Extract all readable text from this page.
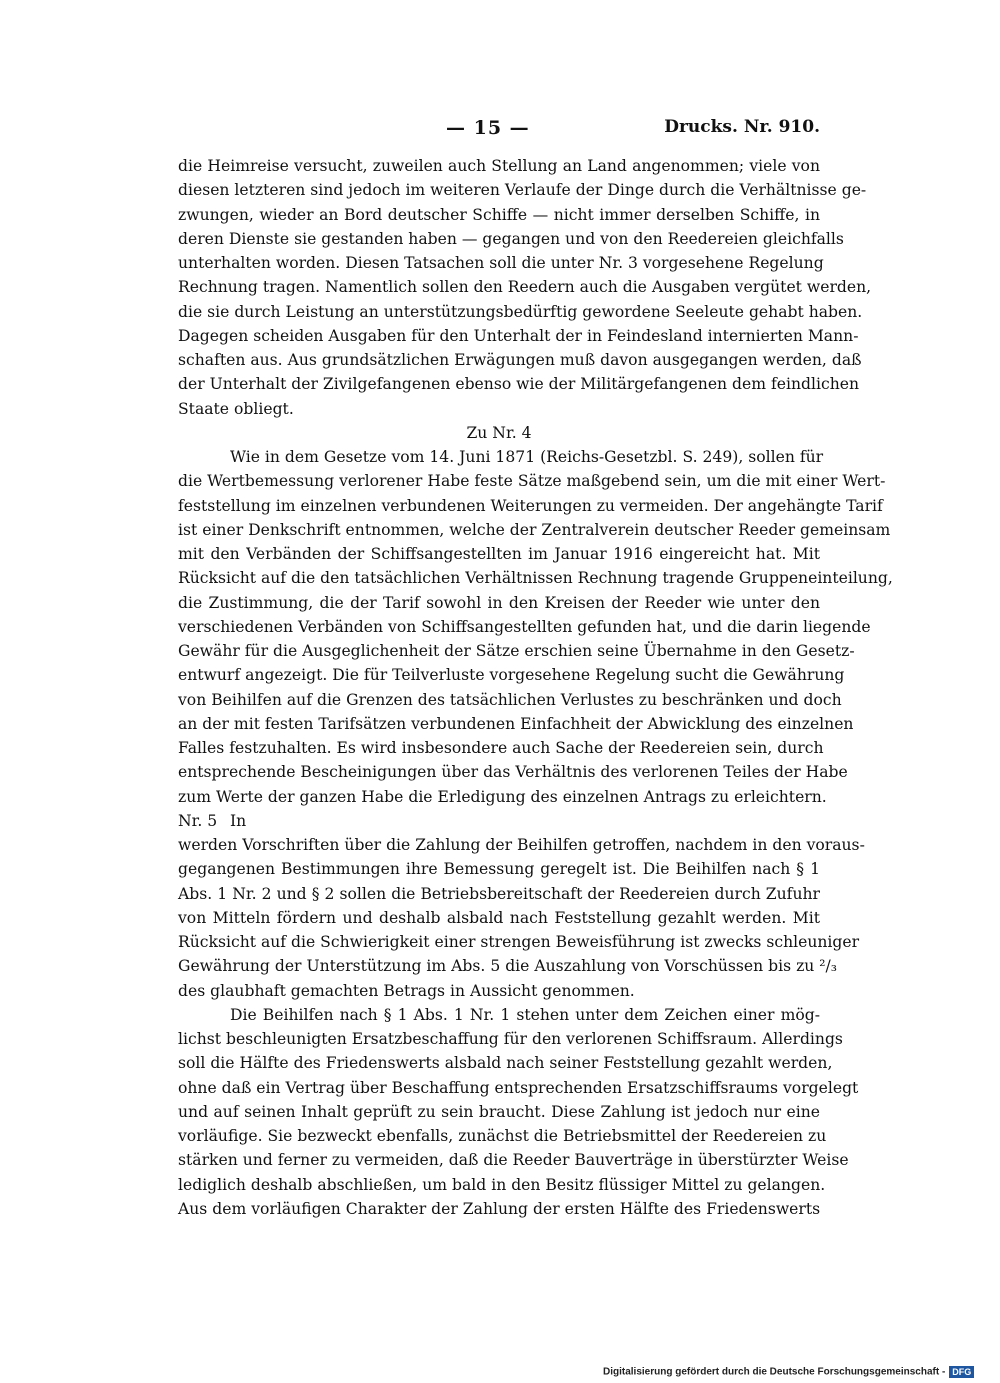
— 15 —	Drucks. Nr. 910.
die Heimreise versucht, zuweilen auch Stellung an Land angenommen; viele von
diesen letzteren sind jedoch im weiteren Verlaufe der Dinge durch die Verhältnisse ge-
zwungen, wieder an Bord deutscher Schiffe — nicht immer derselben Schiffe, in
deren Dienste sie gestanden haben — gegangen und von den Reedereien gleichfalls
unterhalten worden. Diesen Tatsachen soll die unter Nr. 3 vorgesehene Regelung
Rechnung tragen. Namentlich sollen den Reedern auch die Ausgaben vergütet werden,
die sie durch Leistung an unterstützungsbedürftig gewordene Seeleute gehabt haben.
Dagegen scheiden Ausgaben für den Unterhalt der in Feindesland internierten Mann-
schaften aus. Aus grundsätzlichen Erwägungen muß davon ausgegangen werden, daß
der Unterhalt der Zivilgefangenen ebenso wie der Militärgefangenen dem feindlichen
Staate obliegt.
Zu Nr. 4
Wie in dem Gesetze vom 14. Juni 1871 (Reichs-Gesetzbl. S. 249), sollen für
die Wertbemessung verlorener Habe feste Sätze maßgebend sein, um die mit einer Wert-
feststellung im einzelnen verbundenen Weiterungen zu vermeiden. Der angehängte Tarif
ist einer Denkschrift entnommen, welche der Zentralverein deutscher Reeder gemeinsam
mit den Verbänden der Schiffsangestellten im Januar 1916 eingereicht hat. Mit
Rücksicht auf die den tatsächlichen Verhältnissen Rechnung tragende Gruppeneinteilung,
die Zustimmung, die der Tarif sowohl in den Kreisen der Reeder wie unter den
verschiedenen Verbänden von Schiffsangestellten gefunden hat, und die darin liegende
Gewähr für die Ausgeglichenheit der Sätze erschien seine Übernahme in den Gesetz-
entwurf angezeigt. Die für Teilverluste vorgesehene Regelung sucht die Gewährung
von Beihilfen auf die Grenzen des tatsächlichen Verlustes zu beschränken und doch
an der mit festen Tarifsätzen verbundenen Einfachheit der Abwicklung des einzelnen
Falles festzuhalten. Es wird insbesondere auch Sache der Reedereien sein, durch
entsprechende Bescheinigungen über das Verhältnis des verlorenen Teiles der Habe
zum Werte der ganzen Habe die Erledigung des einzelnen Antrags zu erleichtern.
In
Nr. 5
werden Vorschriften über die Zahlung der Beihilfen getroffen, nachdem in den voraus-
gegangenen Bestimmungen ihre Bemessung geregelt ist. Die Beihilfen nach § 1
Abs. 1 Nr. 2 und § 2 sollen die Betriebsbereitschaft der Reedereien durch Zufuhr
von Mitteln fördern und deshalb alsbald nach Feststellung gezahlt werden. Mit
Rücksicht auf die Schwierigkeit einer strengen Beweisführung ist zwecks schleuniger
Gewährung der Unterstützung im Abs. 5 die Auszahlung von Vorschüssen bis zu ²/₃
des glaubhaft gemachten Betrags in Aussicht genommen.
Die Beihilfen nach § 1 Abs. 1 Nr. 1 stehen unter dem Zeichen einer mög-
lichst beschleunigten Ersatzbeschaffung für den verlorenen Schiffsraum. Allerdings
soll die Hälfte des Friedenswerts alsbald nach seiner Feststellung gezahlt werden,
ohne daß ein Vertrag über Beschaffung entsprechenden Ersatzschiffsraums vorgelegt
und auf seinen Inhalt geprüft zu sein braucht. Diese Zahlung ist jedoch nur eine
vorläufige. Sie bezweckt ebenfalls, zunächst die Betriebsmittel der Reedereien zu
stärken und ferner zu vermeiden, daß die Reeder Bauverträge in überstürzter Weise
lediglich deshalb abschließen, um bald in den Besitz flüssiger Mittel zu gelangen.
Aus dem vorläufigen Charakter der Zahlung der ersten Hälfte des Friedenswerts
Digitalisierung gefördert durch die Deutsche Forschungsgemeinschaft - DFG
